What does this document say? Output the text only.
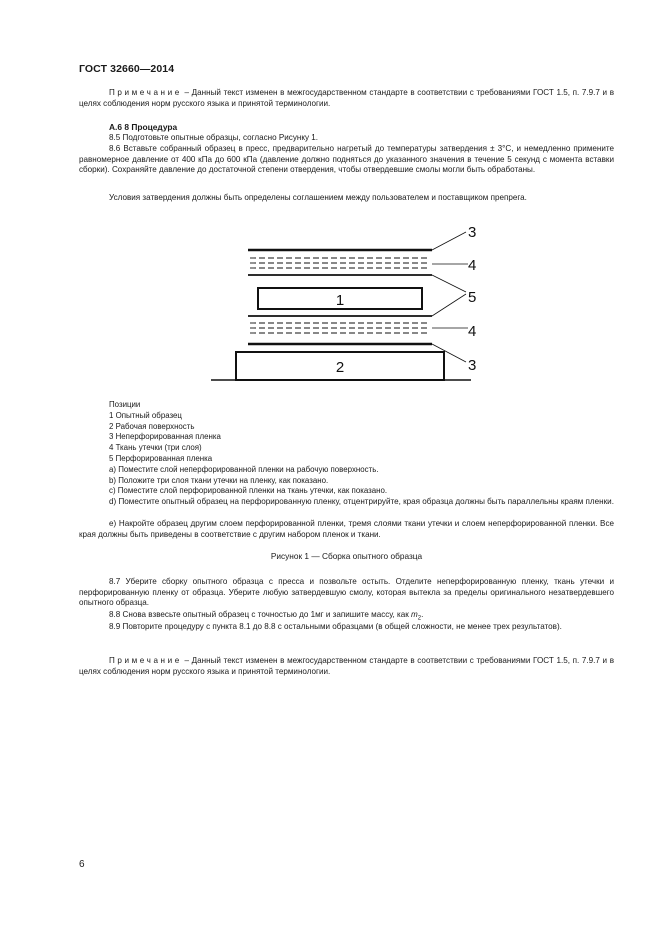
ГОСТ 32660—2014

Примечание – Данный текст изменен в межгосударственном стандарте в соответствии с требованиями ГОСТ 1.5, п. 7.9.7 и в целях соблюдения норм русского языка и принятой терминологии.

А.6 8 Процедура

8.5 Подготовьте опытные образцы, согласно Рисунку 1.

8.6 Вставьте собранный образец в пресс, предварительно нагретый до температуры затвердения ± 3°С, и немедленно примените равномерное давление от 400 кПа до 600 кПа (давление должно подняться до указанного значения в течение 5 секунд с момента вставки сборки). Сохраняйте давление до достаточной степени отвердения, чтобы отвердевшие смолы могли быть обработаны.

Условия затвердения должны быть определены соглашением между пользователем и поставщиком препрега.

1
2
3
4
5
4
3
Позиции
1 Опытный образец
2 Рабочая поверхность
3 Неперфорированная пленка
4 Ткань утечки (три слоя)
5 Перфорированная пленка
а) Поместите слой неперфорированной пленки на рабочую поверхность.
b) Положите три слоя ткани утечки на пленку, как показано.
c) Поместите слой перфорированной пленки на ткань утечки, как показано.

d) Поместите опытный образец на перфорированную пленку, отцентрируйте, края образца должны быть параллельны краям пленки.

e) Накройте образец другим слоем перфорированной пленки, тремя слоями ткани утечки и слоем неперфорированной пленки. Все края должны быть приведены в соответствие с другим набором пленок и ткани.

Рисунок 1 — Сборка опытного образца

8.7 Уберите сборку опытного образца с пресса и позвольте остыть. Отделите неперфорированную пленку, ткань утечки и перфорированную пленку от образца. Уберите любую затвердевшую смолу, которая вытекла за пределы оригинального незатвердевшего опытного образца.

8.8 Снова взвесьте опытный образец с точностью до 1мг и запишите массу, как $m_2$.

8.9 Повторите процедуру с пункта 8.1 до 8.8 с остальными образцами (в общей сложности, не менее трех результатов).

Примечание – Данный текст изменен в межгосударственном стандарте в соответствии с требованиями ГОСТ 1.5, п. 7.9.7 и в целях соблюдения норм русского языка и принятой терминологии.

6
